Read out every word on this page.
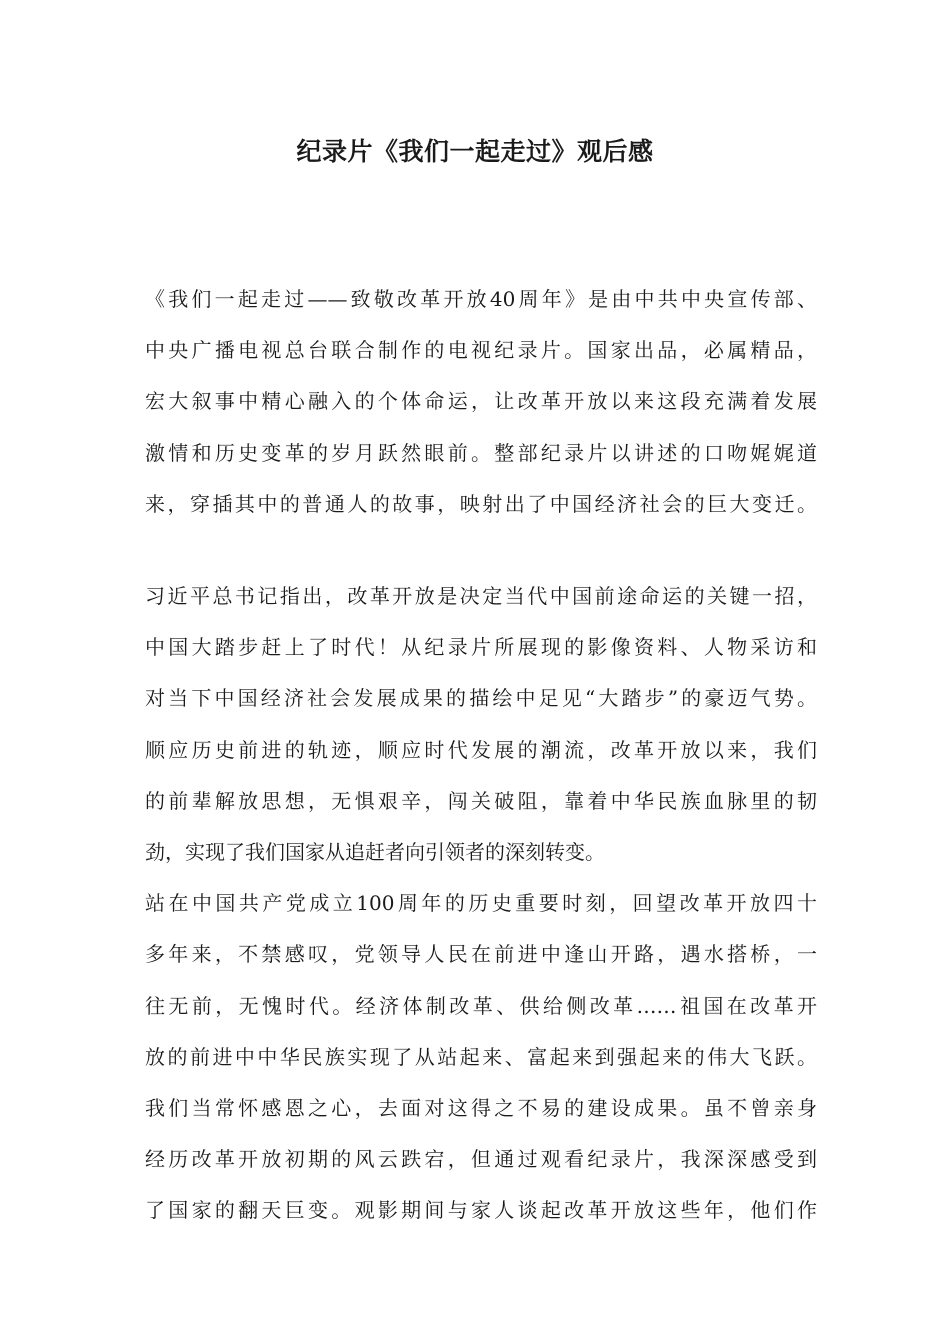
纪录片《我们一起走过》观后感
《我们一起走过——致敬改革开放40周年》是由中共中央宣传部、
中央广播电视总台联合制作的电视纪录片。国家出品，必属精品，
宏大叙事中精心融入的个体命运，让改革开放以来这段充满着发展
激情和历史变革的岁月跃然眼前。整部纪录片以讲述的口吻娓娓道
来，穿插其中的普通人的故事，映射出了中国经济社会的巨大变迁。
习近平总书记指出，改革开放是决定当代中国前途命运的关键一招，
中国大踏步赶上了时代！从纪录片所展现的影像资料、人物采访和
对当下中国经济社会发展成果的描绘中足见“大踏步”的豪迈气势。
顺应历史前进的轨迹，顺应时代发展的潮流，改革开放以来，我们
的前辈解放思想，无惧艰辛，闯关破阻，靠着中华民族血脉里的韧
劲，实现了我们国家从追赶者向引领者的深刻转变。
站在中国共产党成立100周年的历史重要时刻，回望改革开放四十
多年来，不禁感叹，党领导人民在前进中逢山开路，遇水搭桥，一
往无前，无愧时代。经济体制改革、供给侧改革……祖国在改革开
放的前进中中华民族实现了从站起来、富起来到强起来的伟大飞跃。
我们当常怀感恩之心，去面对这得之不易的建设成果。虽不曾亲身
经历改革开放初期的风云跌宕，但通过观看纪录片，我深深感受到
了国家的翻天巨变。观影期间与家人谈起改革开放这些年，他们作
